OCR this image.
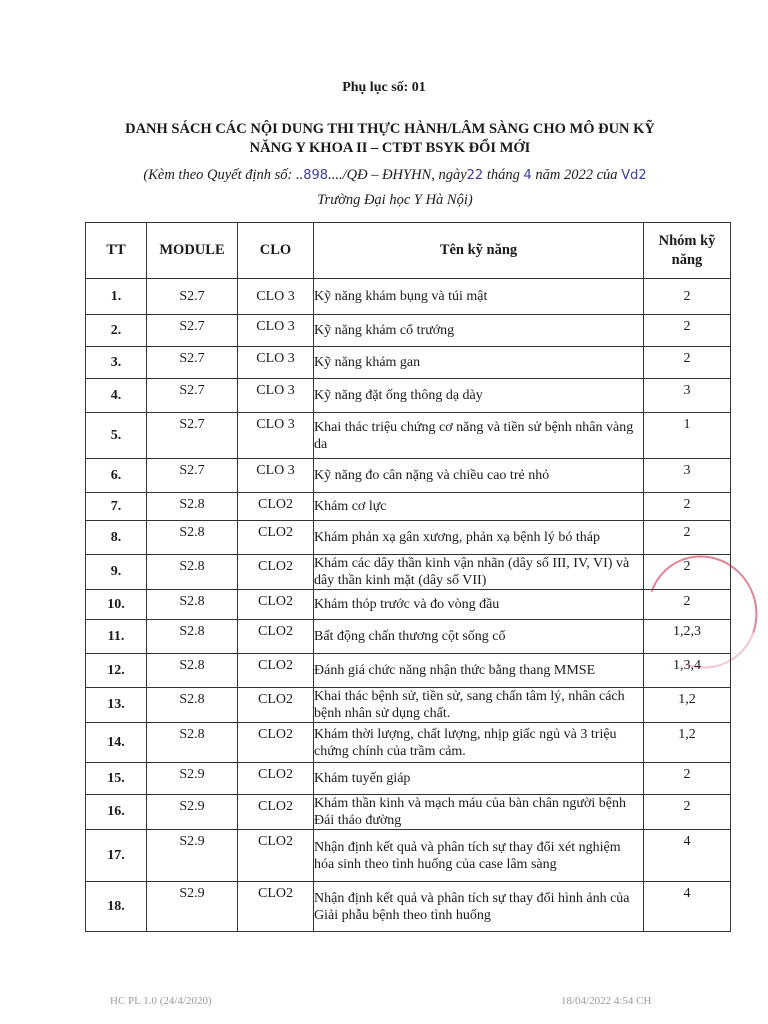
Phụ lục số: 01
DANH SÁCH CÁC NỘI DUNG THI THỰC HÀNH/LÂM SÀNG CHO MÔ ĐUN KỸ
NĂNG Y KHOA II – CTĐT BSYK ĐỔI MỚI
(Kèm theo Quyết định số: ..898..../QĐ – ĐHYHN, ngày22 tháng 4 năm 2022 của Vd2
Trường Đại học Y Hà Nội)
TT	MODULE	CLO	Tên kỹ năng	Nhóm kỹ năng
1.	S2.7	CLO 3	Kỹ năng khám bụng và túi mật	2
2.	S2.7	CLO 3	Kỹ năng khám cổ trướng	2
3.	S2.7	CLO 3	Kỹ năng khám gan	2
4.	S2.7	CLO 3	Kỹ năng đặt ống thông dạ dày	3
5.	S2.7	CLO 3	Khai thác triệu chứng cơ năng và tiền sử bệnh nhân vàng da	1
6.	S2.7	CLO 3	Kỹ năng đo cân nặng và chiều cao trẻ nhỏ	3
7.	S2.8	CLO2	Khám cơ lực	2
8.	S2.8	CLO2	Khám phản xạ gân xương, phản xạ bệnh lý bó tháp	2
9.	S2.8	CLO2	Khám các dây thần kinh vận nhãn (dây số III, IV, VI) và dây thần kinh mặt (dây số VII)	2
10.	S2.8	CLO2	Khám thóp trước và đo vòng đầu	2
11.	S2.8	CLO2	Bất động chấn thương cột sống cổ	1,2,3
12.	S2.8	CLO2	Đánh giá chức năng nhận thức bằng thang MMSE	1,3,4
13.	S2.8	CLO2	Khai thác bệnh sử, tiền sử, sang chấn tâm lý, nhân cách bệnh nhân sử dụng chất.	1,2
14.	S2.8	CLO2	Khám thời lượng, chất lượng, nhịp giấc ngủ và 3 triệu chứng chính của trầm cảm.	1,2
15.	S2.9	CLO2	Khám tuyến giáp	2
16.	S2.9	CLO2	Khám thần kinh và mạch máu của bàn chân người bệnh Đái tháo đường	2
17.	S2.9	CLO2	Nhận định kết quả và phân tích sự thay đổi xét nghiệm hóa sinh theo tình huống của case lâm sàng	4
18.	S2.9	CLO2	Nhận định kết quả và phân tích sự thay đổi hình ảnh của Giải phẫu bệnh theo tình huống	4
HC PL 1.0 (24/4/2020)	18/04/2022 4:54 CH
